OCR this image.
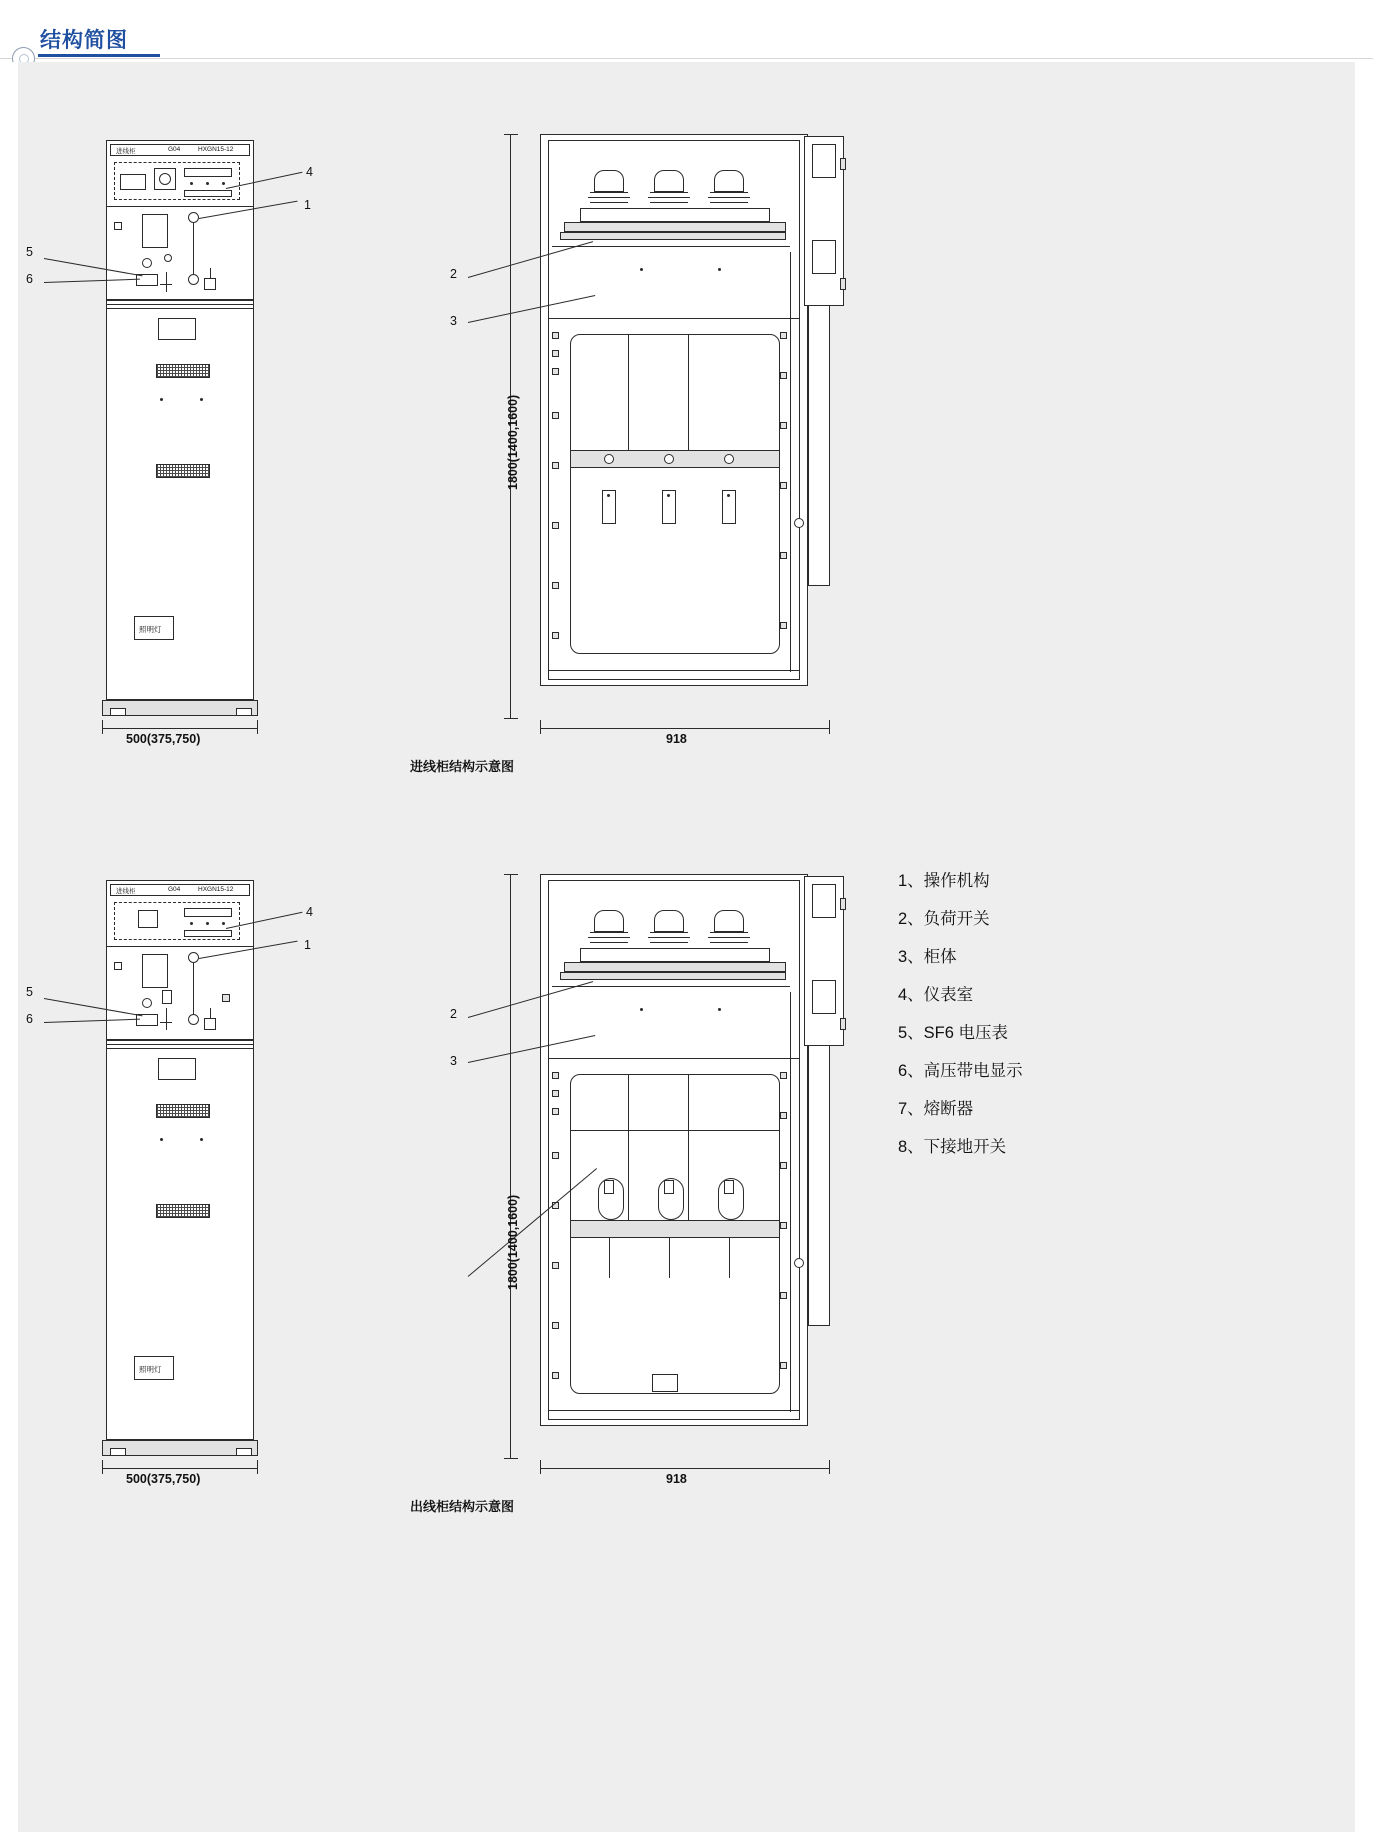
结构简图
进线柜	G04	HXGN15-12
照明灯
1
4
5
6
500(375,750)
2
3
1800(1400,1600)
918
进线柜结构示意图
进线柜	G04	HXGN15-12
照明灯
1
4
5
6
500(375,750)
2
3
1800(1400,1600)
918
出线柜结构示意图
1、操作机构
2、负荷开关
3、柜体
4、仪表室
5、SF6 电压表
6、高压带电显示
7、熔断器
8、下接地开关
